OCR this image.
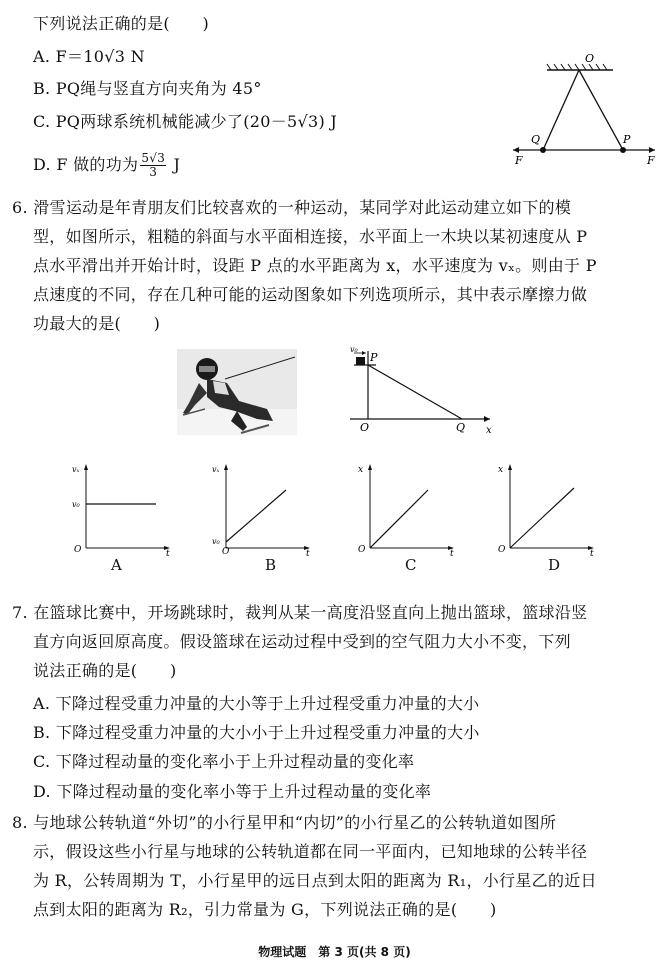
下列说法正确的是(　　)
A. F＝10√3 N
B. PQ绳与竖直方向夹角为 45°
C. PQ两球系统机械能减少了(20－5√3) J
D. F 做的功为 $\frac{5√3}{3}$ J
O
Q	P
F	F
6. 滑雪运动是年青朋友们比较喜欢的一种运动，某同学对此运动建立如下的模
型，如图所示，粗糙的斜面与水平面相连接，水平面上一木块以某初速度从 P
点水平滑出并开始计时，设距 P 点的水平距离为 x，水平速度为 vₓ。则由于 P
点速度的不同，存在几种可能的运动图象如下列选项所示，其中表示摩擦力做
功最大的是(　　)
v₀
P
O	Q x
vₓ
v₀
O	t
A
vₓ
v₀
O	t
B
x
O	t
C
x
O	t
D
7. 在篮球比赛中，开场跳球时，裁判从某一高度沿竖直向上抛出篮球，篮球沿竖
直方向返回原高度。假设篮球在运动过程中受到的空气阻力大小不变，下列
说法正确的是(　　)
A. 下降过程受重力冲量的大小等于上升过程受重力冲量的大小
B. 下降过程受重力冲量的大小小于上升过程受重力冲量的大小
C. 下降过程动量的变化率小于上升过程动量的变化率
D. 下降过程动量的变化率小等于上升过程动量的变化率
8. 与地球公转轨道“外切”的小行星甲和“内切”的小行星乙的公转轨道如图所
示，假设这些小行星与地球的公转轨道都在同一平面内，已知地球的公转半径
为 R，公转周期为 T，小行星甲的远日点到太阳的距离为 R₁，小行星乙的近日
点到太阳的距离为 R₂，引力常量为 G，下列说法正确的是(　　)
物理试题　第 3 页(共 8 页)
